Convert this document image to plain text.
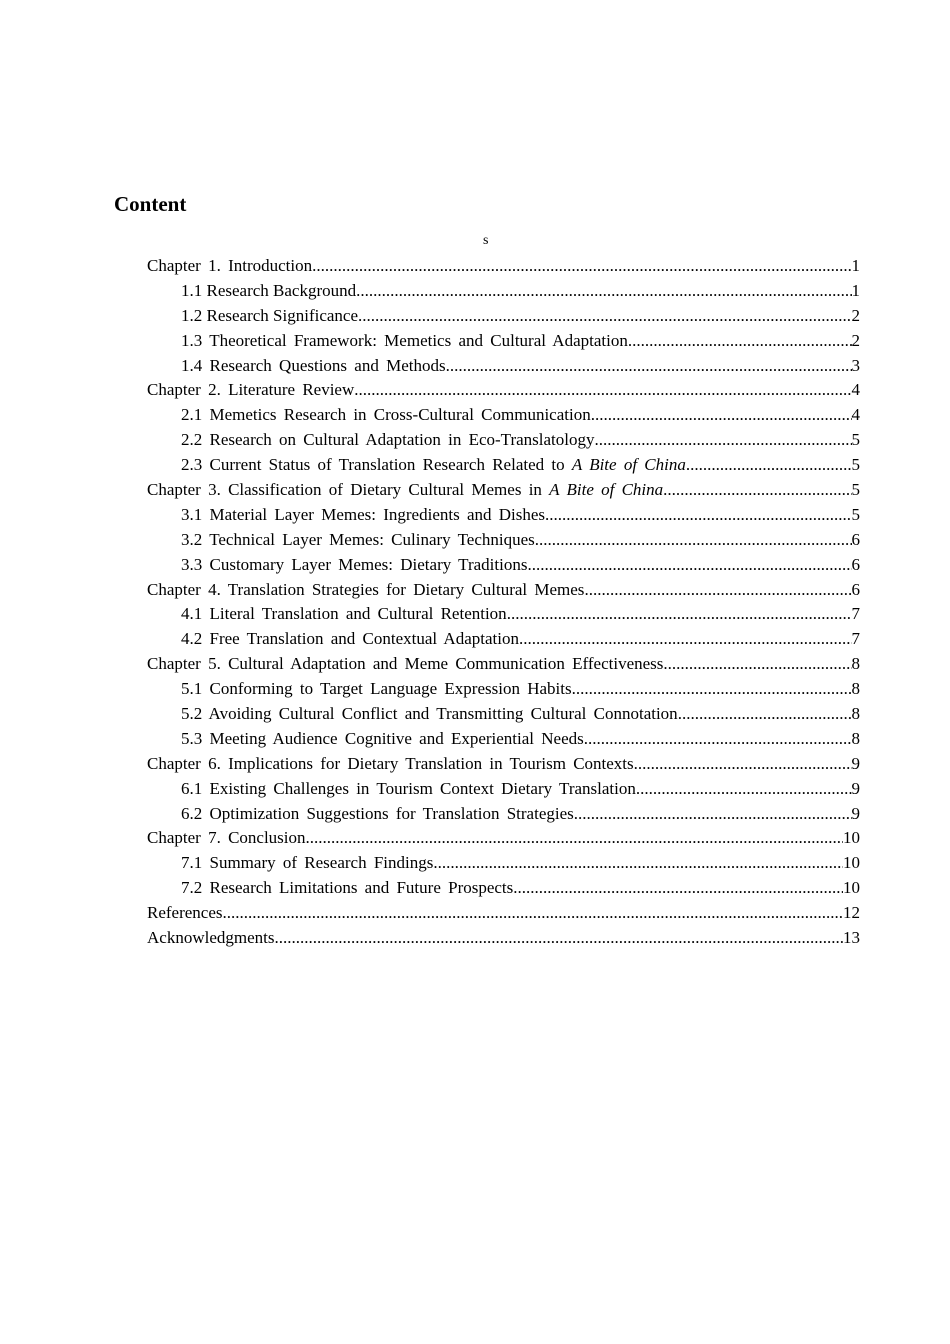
Content
s
Chapter 1. Introduction .....	1
1.1 Research Background .....	1
1.2 Research Significance .....	2
1.3 Theoretical Framework: Memetics and Cultural Adaptation .....	2
1.4 Research Questions and Methods .....	3
Chapter 2. Literature Review .....	4
2.1 Memetics Research in Cross-Cultural Communication .....	4
2.2 Research on Cultural Adaptation in Eco-Translatology .....	5
2.3 Current Status of Translation Research Related to A Bite of China .....	5
Chapter 3. Classification of Dietary Cultural Memes in A Bite of China .....	5
3.1 Material Layer Memes: Ingredients and Dishes .....	5
3.2 Technical Layer Memes: Culinary Techniques .....	6
3.3 Customary Layer Memes: Dietary Traditions .....	6
Chapter 4. Translation Strategies for Dietary Cultural Memes .....	6
4.1 Literal Translation and Cultural Retention .....	7
4.2 Free Translation and Contextual Adaptation .....	7
Chapter 5. Cultural Adaptation and Meme Communication Effectiveness .....	8
5.1 Conforming to Target Language Expression Habits .....	8
5.2 Avoiding Cultural Conflict and Transmitting Cultural Connotation .....	8
5.3 Meeting Audience Cognitive and Experiential Needs .....	8
Chapter 6. Implications for Dietary Translation in Tourism Contexts .....	9
6.1 Existing Challenges in Tourism Context Dietary Translation .....	9
6.2 Optimization Suggestions for Translation Strategies .....	9
Chapter 7. Conclusion .....	10
7.1 Summary of Research Findings .....	10
7.2 Research Limitations and Future Prospects .....	10
References .....	12
Acknowledgments .....	13
